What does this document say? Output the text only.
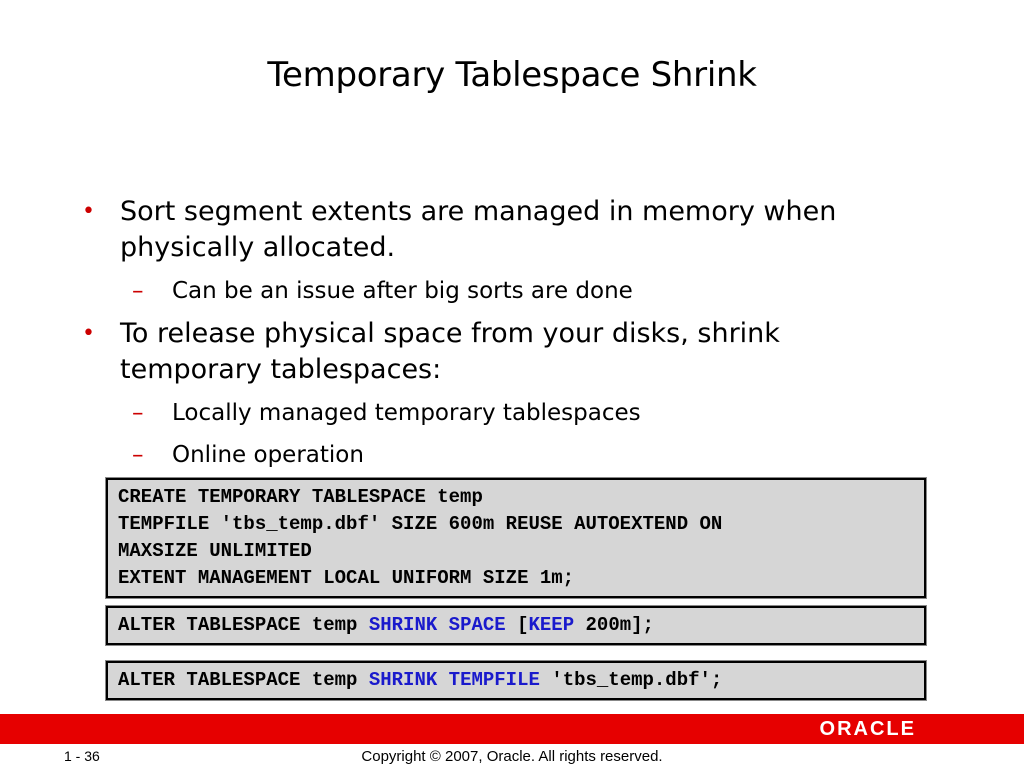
Temporary Tablespace Shrink
• Sort segment extents are managed in memory when
physically allocated.
– Can be an issue after big sorts are done
• To release physical space from your disks, shrink
temporary tablespaces:
– Locally managed temporary tablespaces
– Online operation
CREATE TEMPORARY TABLESPACE temp
TEMPFILE 'tbs_temp.dbf' SIZE 600m REUSE AUTOEXTEND ON
MAXSIZE UNLIMITED
EXTENT MANAGEMENT LOCAL UNIFORM SIZE 1m;
ALTER TABLESPACE temp SHRINK SPACE [KEEP 200m];
ALTER TABLESPACE temp SHRINK TEMPFILE 'tbs_temp.dbf';
ORACLE
1 - 36	Copyright © 2007, Oracle. All rights reserved.
